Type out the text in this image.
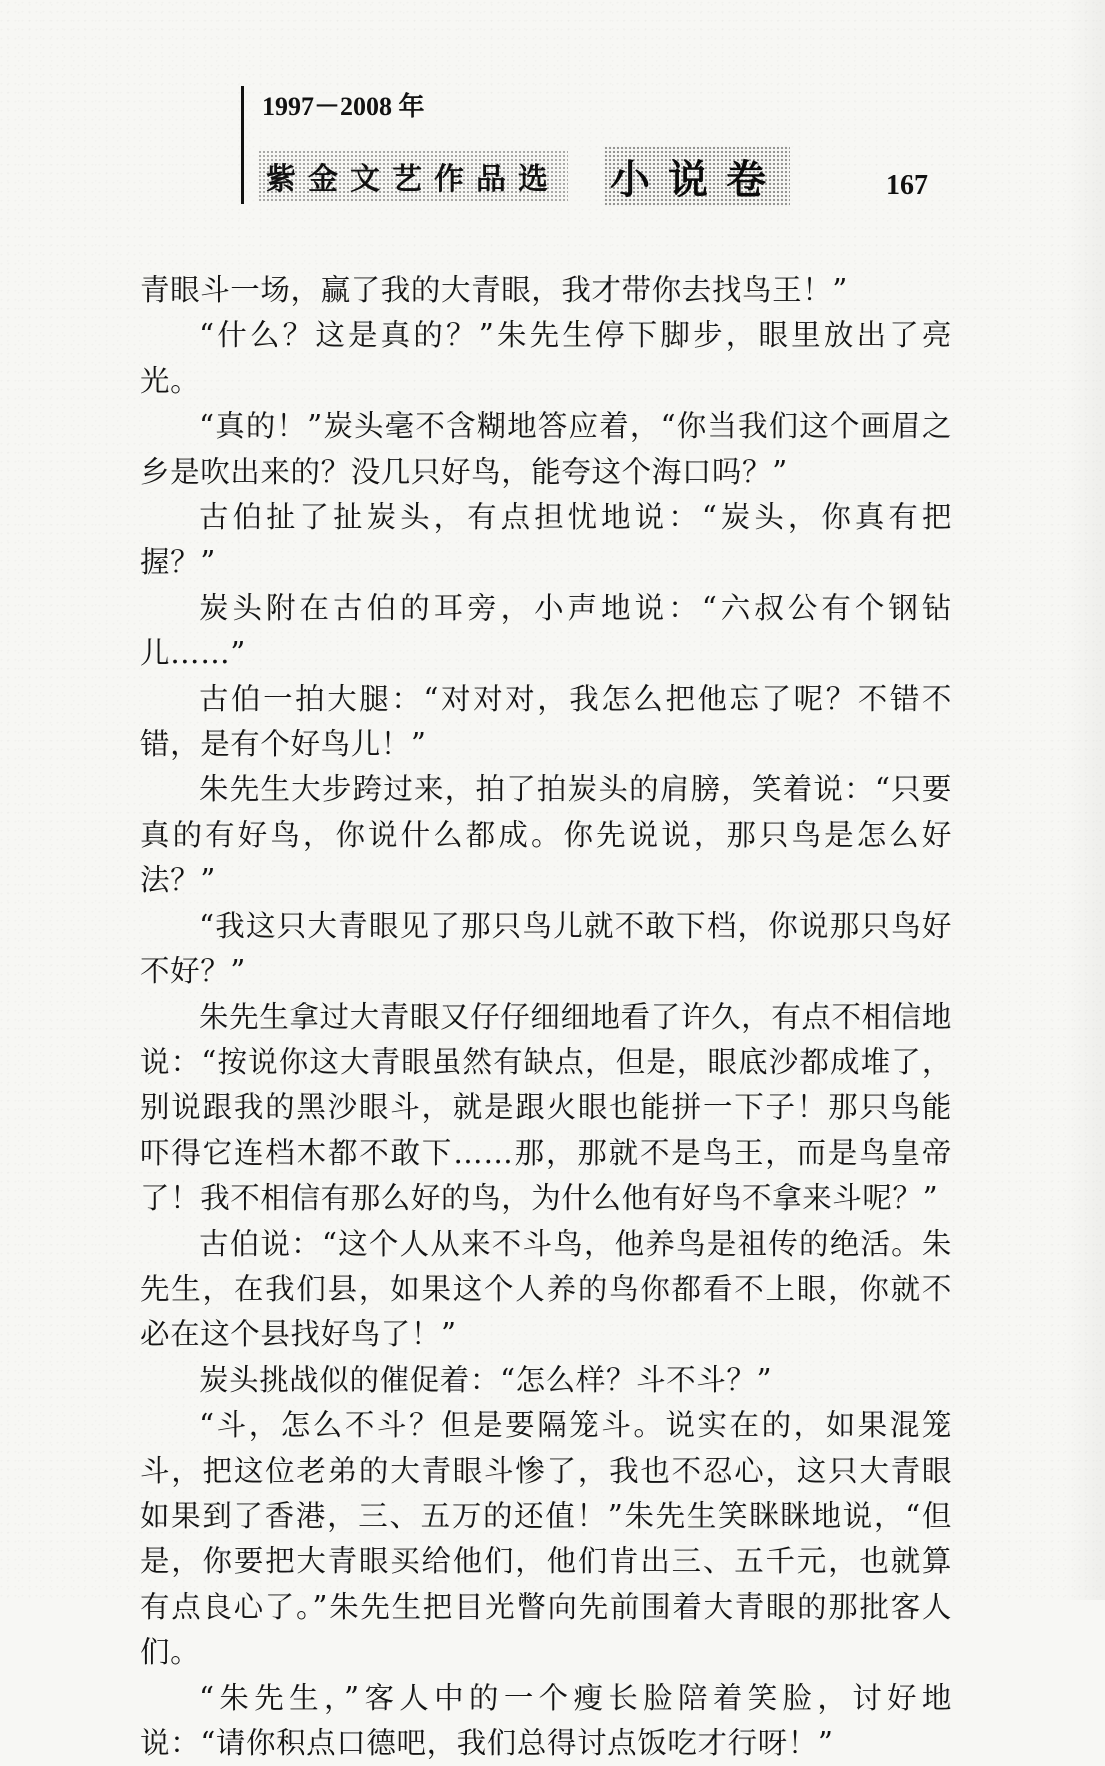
1997－2008 年
紫金文艺作品选 小说卷	167

青眼斗一场，赢了我的大青眼，我才带你去找鸟王！”

“什么？这是真的？”朱先生停下脚步，眼里放出了亮光。

“真的！”炭头毫不含糊地答应着，“你当我们这个画眉之乡是吹出来的？没几只好鸟，能夸这个海口吗？”

古伯扯了扯炭头，有点担忧地说：“炭头，你真有把握？”

炭头附在古伯的耳旁，小声地说：“六叔公有个钢钻儿……”

古伯一拍大腿：“对对对，我怎么把他忘了呢？不错不错，是有个好鸟儿！”

朱先生大步跨过来，拍了拍炭头的肩膀，笑着说：“只要真的有好鸟，你说什么都成。你先说说，那只鸟是怎么好法？”

“我这只大青眼见了那只鸟儿就不敢下档，你说那只鸟好不好？”

朱先生拿过大青眼又仔仔细细地看了许久，有点不相信地说：“按说你这大青眼虽然有缺点，但是，眼底沙都成堆了，别说跟我的黑沙眼斗，就是跟火眼也能拼一下子！那只鸟能吓得它连档木都不敢下……那，那就不是鸟王，而是鸟皇帝了！我不相信有那么好的鸟，为什么他有好鸟不拿来斗呢？”

古伯说：“这个人从来不斗鸟，他养鸟是祖传的绝活。朱先生，在我们县，如果这个人养的鸟你都看不上眼，你就不必在这个县找好鸟了！”

炭头挑战似的催促着：“怎么样？斗不斗？”

“斗，怎么不斗？但是要隔笼斗。说实在的，如果混笼斗，把这位老弟的大青眼斗惨了，我也不忍心，这只大青眼如果到了香港，三、五万的还值！”朱先生笑眯眯地说，“但是，你要把大青眼买给他们，他们肯出三、五千元，也就算有点良心了。”朱先生把目光瞥向先前围着大青眼的那批客人们。

“朱先生，”客人中的一个瘦长脸陪着笑脸，讨好地说：“请你积点口德吧，我们总得讨点饭吃才行呀！”
